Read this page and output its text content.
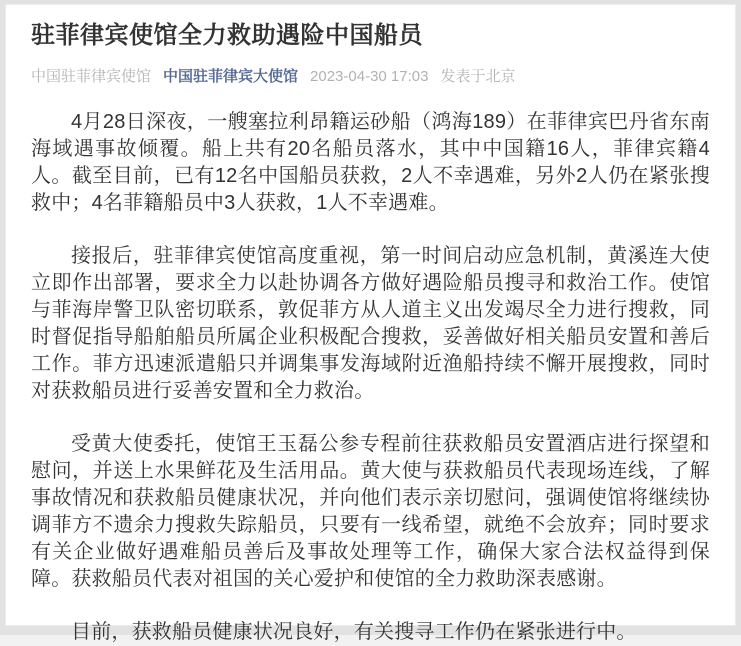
驻菲律宾使馆全力救助遇险中国船员
中国驻菲律宾使馆 中国驻菲律宾大使馆 2023-04-30 17:03 发表于北京

4月28日深夜，一艘塞拉利昂籍运砂船（鸿海189）在菲律宾巴丹省东南海域遇事故倾覆。船上共有20名船员落水，其中中国籍16人，菲律宾籍4人。截至目前，已有12名中国船员获救，2人不幸遇难，另外2人仍在紧张搜救中；4名菲籍船员中3人获救，1人不幸遇难。

接报后，驻菲律宾使馆高度重视，第一时间启动应急机制，黄溪连大使立即作出部署，要求全力以赴协调各方做好遇险船员搜寻和救治工作。使馆与菲海岸警卫队密切联系，敦促菲方从人道主义出发竭尽全力进行搜救，同时督促指导船舶船员所属企业积极配合搜救，妥善做好相关船员安置和善后工作。菲方迅速派遣船只并调集事发海域附近渔船持续不懈开展搜救，同时对获救船员进行妥善安置和全力救治。

受黄大使委托，使馆王玉磊公参专程前往获救船员安置酒店进行探望和慰问，并送上水果鲜花及生活用品。黄大使与获救船员代表现场连线，了解事故情况和获救船员健康状况，并向他们表示亲切慰问，强调使馆将继续协调菲方不遗余力搜救失踪船员，只要有一线希望，就绝不会放弃；同时要求有关企业做好遇难船员善后及事故处理等工作，确保大家合法权益得到保障。获救船员代表对祖国的关心爱护和使馆的全力救助深表感谢。

目前，获救船员健康状况良好，有关搜寻工作仍在紧张进行中。
